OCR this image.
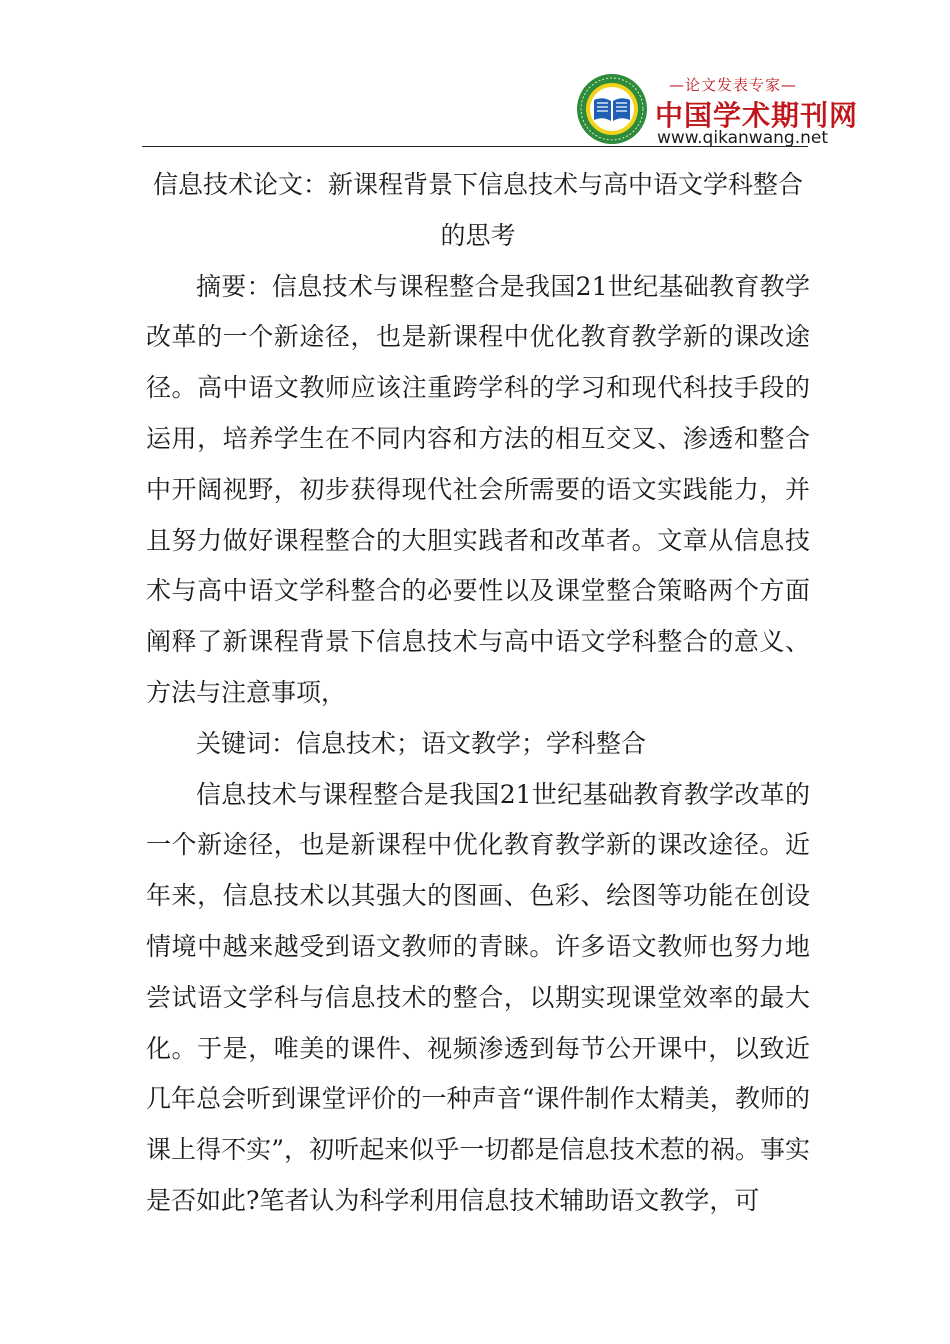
—论文发表专家—
中国学术期刊网
www.qikanwang.net
信息技术论文：新课程背景下信息技术与高中语文学科整合的思考

摘要：信息技术与课程整合是我国21世纪基础教育教学改革的一个新途径，也是新课程中优化教育教学新的课改途径。高中语文教师应该注重跨学科的学习和现代科技手段的运用，培养学生在不同内容和方法的相互交叉、渗透和整合中开阔视野，初步获得现代社会所需要的语文实践能力，并且努力做好课程整合的大胆实践者和改革者。文章从信息技术与高中语文学科整合的必要性以及课堂整合策略两个方面阐释了新课程背景下信息技术与高中语文学科整合的意义、方法与注意事项，

关键词：信息技术；语文教学；学科整合

信息技术与课程整合是我国21世纪基础教育教学改革的一个新途径，也是新课程中优化教育教学新的课改途径。近年来，信息技术以其强大的图画、色彩、绘图等功能在创设情境中越来越受到语文教师的青睐。许多语文教师也努力地尝试语文学科与信息技术的整合，以期实现课堂效率的最大化。于是，唯美的课件、视频渗透到每节公开课中，以致近几年总会听到课堂评价的一种声音“课件制作太精美，教师的课上得不实”，初听起来似乎一切都是信息技术惹的祸。事实是否如此?笔者认为科学利用信息技术辅助语文教学，可
